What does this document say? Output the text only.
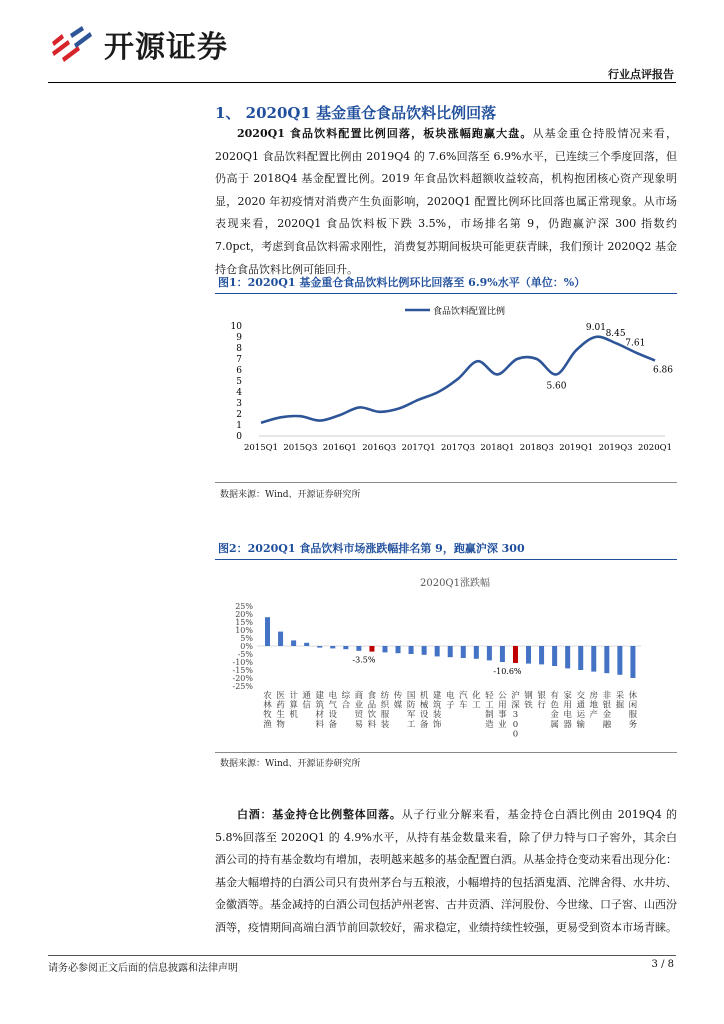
开源证券
行业点评报告
1、 2020Q1 基金重仓食品饮料比例回落
2020Q1 食品饮料配置比例回落，板块涨幅跑赢大盘。从基金重仓持股情况来看，2020Q1 食品饮料配置比例由 2019Q4 的 7.6%回落至 6.9%水平，已连续三个季度回落，但仍高于 2018Q4 基金配置比例。2019 年食品饮料超额收益较高，机构抱团核心资产现象明显，2020 年初疫情对消费产生负面影响，2020Q1 配置比例环比回落也属正常现象。从市场表现来看，2020Q1 食品饮料板下跌 3.5%，市场排名第 9，仍跑赢沪深 300 指数约 7.0pct，考虑到食品饮料需求刚性，消费复苏期间板块可能更获青睐，我们预计 2020Q2 基金持仓食品饮料比例可能回升。
图1：2020Q1 基金重仓食品饮料比例环比回落至 6.9%水平（单位：%）
食品饮料配置比例
0
1
2
3
4
5
6
7
8
9
10
2015Q1 2015Q3 2016Q1 2016Q3 2017Q1 2017Q3 2018Q1 2018Q3 2019Q1 2019Q3 2020Q1
5.60
9.01
8.45
7.61
6.86
数据来源：Wind、开源证券研究所
图2：2020Q1 食品饮料市场涨跌幅排名第 9，跑赢沪深 300
2020Q1涨跌幅
25%
20%
15%
10%
5%
0%
-5%
-10%
-15%
-20%
-25%
-3.5%
-10.6%
农林牧渔
医药生物
计算机
通信
建筑材料
电气设备
综合
商业贸易
食品饮料
纺织服装
传媒
国防军工
机械设备
建筑装饰
电子
汽车
化工
轻工制造
公用事业
沪深 3 0 0
钢铁
银行
有色金属
家用电器
交通运输
房地产
非银金融
采掘
休闲服务
数据来源：Wind、开源证券研究所
白酒：基金持仓比例整体回落。从子行业分解来看，基金持仓白酒比例由 2019Q4 的 5.8%回落至 2020Q1 的 4.9%水平，从持有基金数量来看，除了伊力特与口子窖外，其余白酒公司的持有基金数均有增加，表明越来越多的基金配置白酒。从基金持仓变动来看出现分化：基金大幅增持的白酒公司只有贵州茅台与五粮液，小幅增持的包括酒鬼酒、沱牌舍得、水井坊、金徽酒等。基金减持的白酒公司包括泸州老窖、古井贡酒、洋河股份、今世缘、口子窖、山西汾酒等，疫情期间高端白酒节前回款较好，需求稳定，业绩持续性较强，更易受到资本市场青睐。
请务必参阅正文后面的信息披露和法律声明	3 / 8
